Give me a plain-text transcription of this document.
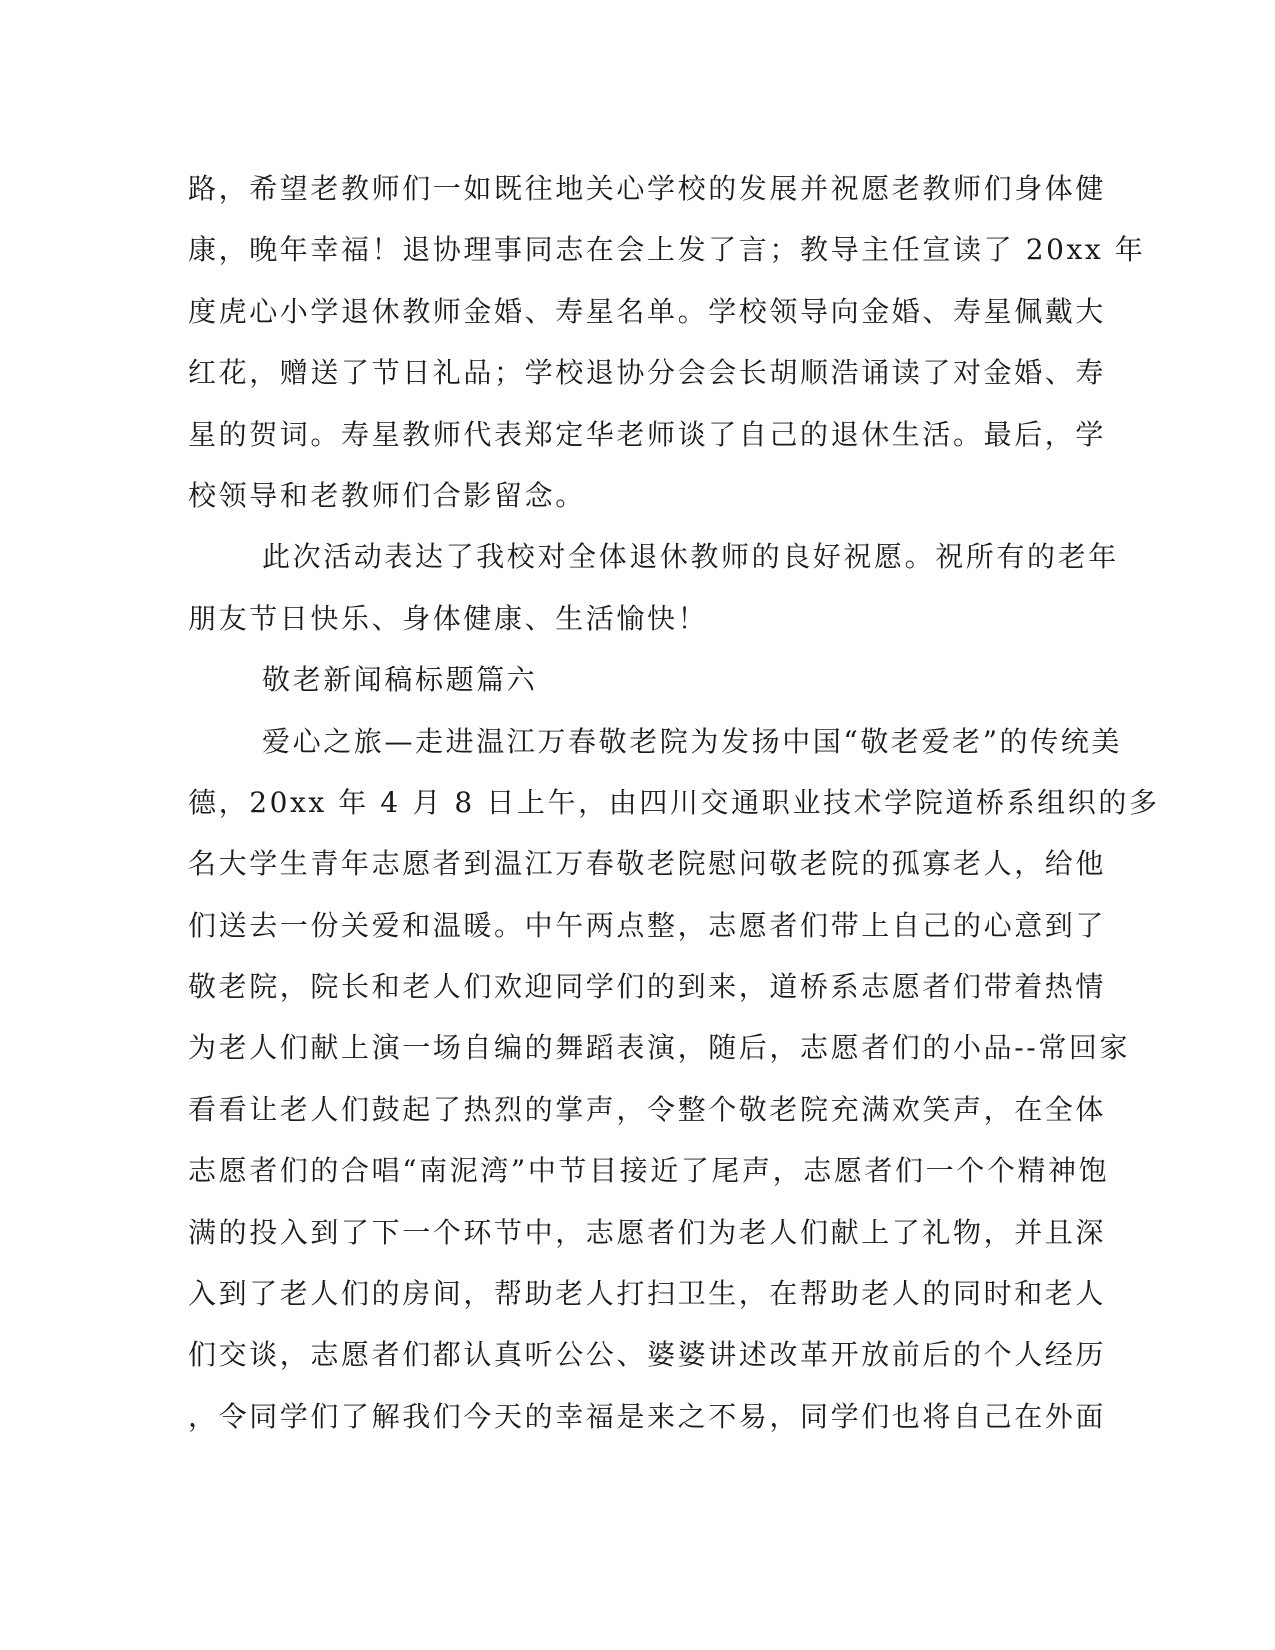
路，希望老教师们一如既往地关心学校的发展并祝愿老教师们身体健
康，晚年幸福！退协理事同志在会上发了言；教导主任宣读了 20xx 年
度虎心小学退休教师金婚、寿星名单。学校领导向金婚、寿星佩戴大
红花，赠送了节日礼品；学校退协分会会长胡顺浩诵读了对金婚、寿
星的贺词。寿星教师代表郑定华老师谈了自己的退休生活。最后，学
校领导和老教师们合影留念。
此次活动表达了我校对全体退休教师的良好祝愿。祝所有的老年
朋友节日快乐、身体健康、生活愉快！
敬老新闻稿标题篇六
爱心之旅—走进温江万春敬老院为发扬中国“敬老爱老”的传统美
德，20xx 年 4 月 8 日上午，由四川交通职业技术学院道桥系组织的多
名大学生青年志愿者到温江万春敬老院慰问敬老院的孤寡老人，给他
们送去一份关爱和温暖。中午两点整，志愿者们带上自己的心意到了
敬老院，院长和老人们欢迎同学们的到来，道桥系志愿者们带着热情
为老人们献上演一场自编的舞蹈表演，随后，志愿者们的小品--常回家
看看让老人们鼓起了热烈的掌声，令整个敬老院充满欢笑声，在全体
志愿者们的合唱“南泥湾”中节目接近了尾声，志愿者们一个个精神饱
满的投入到了下一个环节中，志愿者们为老人们献上了礼物，并且深
入到了老人们的房间，帮助老人打扫卫生，在帮助老人的同时和老人
们交谈，志愿者们都认真听公公、婆婆讲述改革开放前后的个人经历
，令同学们了解我们今天的幸福是来之不易，同学们也将自己在外面
